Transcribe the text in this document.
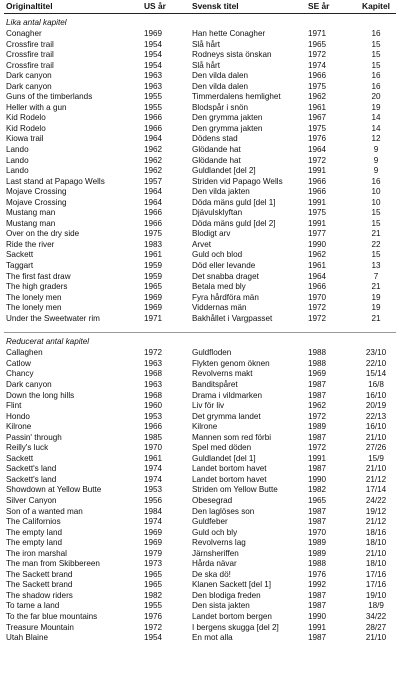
Originaltitel	US år	Svensk titel	SE år	Kapitel
Lika antal kapitel				
Conagher	1969	Han hette Conagher	1971	16
Crossfire trail	1954	Slå hårt	1965	15
Crossfire trail	1954	Rodneys sista önskan	1972	15
Crossfire trail	1954	Slå hårt	1974	15
Dark canyon	1963	Den vilda dalen	1966	16
Dark canyon	1963	Den vilda dalen	1975	16
Guns of the timberlands	1955	Timmerdalens hemlighet	1962	20
Heller with a gun	1955	Blodspår i snön	1961	19
Kid Rodelo	1966	Den grymma jakten	1967	14
Kid Rodelo	1966	Den grymma jakten	1975	14
Kiowa trail	1964	Dödens stad	1976	12
Lando	1962	Glödande hat	1964	9
Lando	1962	Glödande hat	1972	9
Lando	1962	Guldlandet [del 2]	1991	9
Last stand at Papago Wells	1957	Striden vid Papago Wells	1966	16
Mojave Crossing	1964	Den vilda jakten	1966	10
Mojave Crossing	1964	Döda mäns guld [del 1]	1991	10
Mustang man	1966	Djävulsklyftan	1975	15
Mustang man	1966	Döda mäns guld [del 2]	1991	15
Over on the dry side	1975	Blodigt arv	1977	21
Ride the river	1983	Arvet	1990	22
Sackett	1961	Guld och blod	1962	15
Taggart	1959	Död eller levande	1961	13
The first fast draw	1959	Det snabba draget	1964	7
The high graders	1965	Betala med bly	1966	21
The lonely men	1969	Fyra hårdföra män	1970	19
The lonely men	1969	Viddernas män	1972	19
Under the Sweetwater rim	1971	Bakhållet i Vargpasset	1972	21

Reducerat antal kapitel				
Callaghen	1972	Guldfloden	1988	23/10
Catlow	1963	Flykten genom öknen	1988	22/10
Chancy	1968	Revolverns makt	1969	15/14
Dark canyon	1963	Banditspåret	1987	16/8
Down the long hills	1968	Drama i vildmarken	1987	16/10
Flint	1960	Liv för liv	1962	20/19
Hondo	1953	Det grymma landet	1972	22/13
Kilrone	1966	Kilrone	1989	16/10
Passin' through	1985	Mannen som red förbi	1987	21/10
Reilly's luck	1970	Spel med döden	1972	27/26
Sackett	1961	Guldlandet [del 1]	1991	15/9
Sackett's land	1974	Landet bortom havet	1987	21/10
Sackett's land	1974	Landet bortom havet	1990	21/12
Showdown at Yellow Butte	1953	Striden om Yellow Butte	1982	17/14
Silver Canyon	1956	Obesegrad	1965	24/22
Son of a wanted man	1984	Den laglöses son	1987	19/12
The Californios	1974	Guldfeber	1987	21/12
The empty land	1969	Guld och bly	1970	18/16
The empty land	1969	Revolverns lag	1989	18/10
The iron marshal	1979	Järnsheriffen	1989	21/10
The man from Skibbereen	1973	Hårda nävar	1988	18/10
The Sackett brand	1965	De ska dö!	1976	17/16
The Sackett brand	1965	Klanen Sackett [del 1]	1992	17/16
The shadow riders	1982	Den blodiga freden	1987	19/10
To tame a land	1955	Den sista jakten	1987	18/9
To the far blue mountains	1976	Landet bortom bergen	1990	34/22
Treasure Mountain	1972	I bergens skugga [del 2]	1991	28/27
Utah Blaine	1954	En mot alla	1987	21/10
